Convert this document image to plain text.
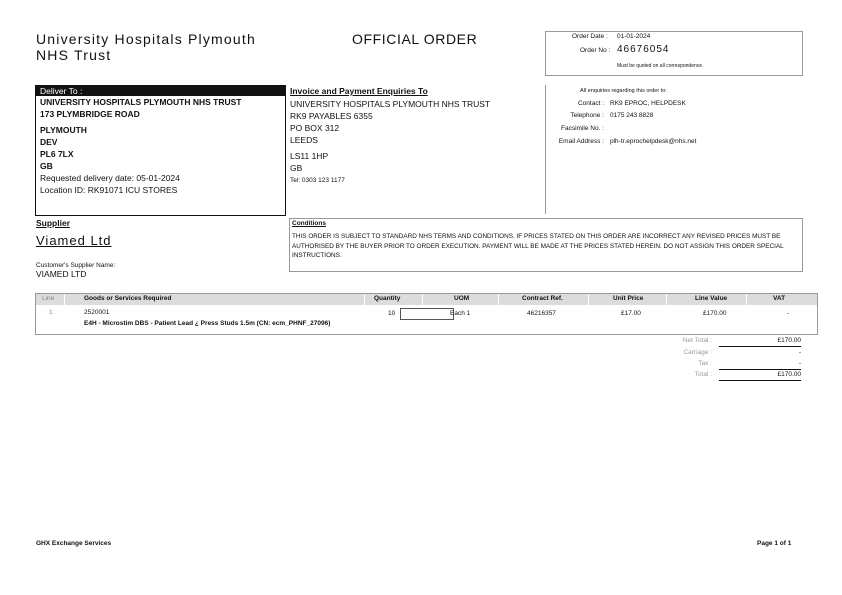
University Hospitals Plymouth
NHS Trust
OFFICIAL ORDER	Order Date : 01-01-2024
Order No : 46676054
Must be quoted on all correspondence.
Deliver To :
UNIVERSITY HOSPITALS PLYMOUTH NHS TRUST
173 PLYMBRIDGE ROAD
PLYMOUTH
DEV
PL6 7LX
GB
Requested delivery date: 05-01-2024
Location ID: RK91071 ICU STORES
Invoice and Payment Enquiries To
UNIVERSITY HOSPITALS PLYMOUTH NHS TRUST
RK9 PAYABLES 6355
PO BOX 312
LEEDS
LS11 1HP
GB
Tel: 0303 123 1177
All enquiries regarding this order to:
Contact : RK9 EPROC, HELPDESK
Telephone : 0175 243 8828
Facsimile No. :
Email Address : plh-tr.eprochelpdesk@nhs.net
Supplier
Viamed Ltd
Customer's Supplier Name:
VIAMED LTD
Conditions
THIS ORDER IS SUBJECT TO STANDARD NHS TERMS AND CONDITIONS. IF PRICES STATED ON THIS ORDER ARE INCORRECT ANY REVISED PRICES MUST BE AUTHORISED BY THE BUYER PRIOR TO ORDER EXECUTION. PAYMENT WILL BE MADE AT THE PRICES STATED HEREIN. DO NOT ASSIGN THIS ORDER SPECIAL INSTRUCTIONS.
Line	Goods or Services Required	Quantity	UOM	Contract Ref.	Unit Price	Line Value	VAT
1	2520001	10	Each 1	46216357	£17.00	£170.00	-
E4H - Microstim DBS - Patient Lead ¿ Press Studs 1.5m (CN: ecm_PHNF_27096)
Net Total :	£170.00
Carriage :	-
Tax :	-
Total :	£170.00
GHX Exchange Services	Page 1 of 1
